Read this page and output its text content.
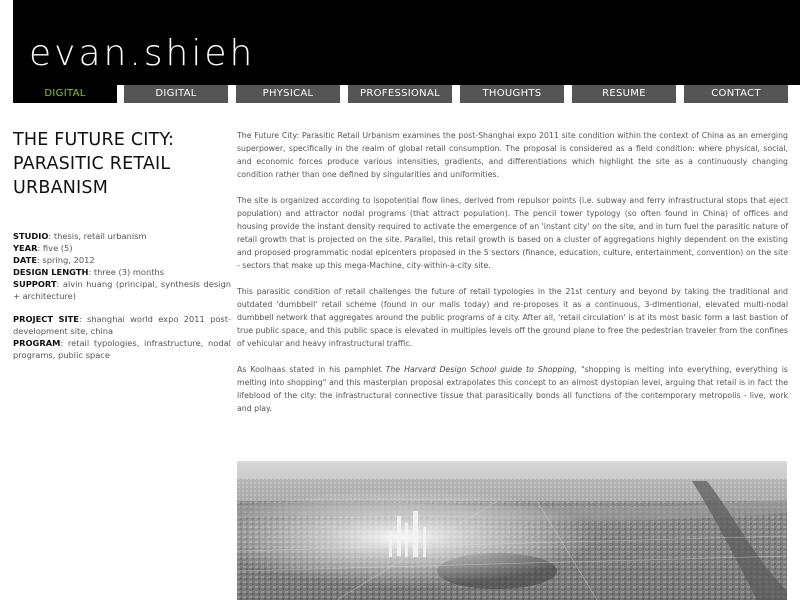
evan.shieh
DIGITAL	DIGITAL	PHYSICAL	PROFESSIONAL	THOUGHTS	RESUME	CONTACT
THE FUTURE CITY:
PARASITIC RETAIL
URBANISM

STUDIO: thesis, retail urbanism

YEAR: five (5)

DATE: spring, 2012

DESIGN LENGTH: three (3) months

SUPPORT: alvin huang (principal, synthesis design + architecture)

PROJECT SITE: shanghai world expo 2011 post-development site, china

PROGRAM: retail typologies, infrastructure, nodal programs, public space

The Future City: Parasitic Retail Urbanism examines the post-Shanghai expo 2011 site condition within the context of China as an emerging superpower, specifically in the realm of global retail consumption. The proposal is considered as a field condition: where physical, social, and economic forces produce various intensities, gradients, and differentiations which highlight the site as a continuously changing condition rather than one defined by singularities and uniformities.

The site is organized according to isopotential flow lines, derived from repulsor points (i.e. subway and ferry infrastructural stops that eject population) and attractor nodal programs (that attract population). The pencil tower typology (so often found in China) of offices and housing provide the instant density required to activate the emergence of an 'instant city' on the site, and in turn fuel the parasitic nature of retail growth that is projected on the site. Parallel, this retail growth is based on a cluster of aggregations highly dependent on the existing and proposed programmatic nodal epicenters proposed in the 5 sectors (finance, education, culture, entertainment, convention) on the site - sectors that make up this mega-Machine, city-within-a-city site.

This parasitic condition of retail challenges the future of retail typologies in the 21st century and beyond by taking the traditional and outdated 'dumbbell' retail scheme (found in our malls today) and re-proposes it as a continuous, 3-dimentional, elevated multi-nodal dumbbell network that aggregates around the public programs of a city. After all, 'retail circulation' is at its most basic form a last bastion of true public space, and this public space is elevated in multiples levels off the ground plane to free the pedestrian traveler from the confines of vehicular and heavy infrastructural traffic.

As Koolhaas stated in his pamphlet The Harvard Design School guide to Shopping, "shopping is melting into everything, everything is melting into shopping" and this masterplan proposal extrapolates this concept to an almost dystopian level, arguing that retail is in fact the lifeblood of the city: the infrastructural connective tissue that parasitically bonds all functions of the contemporary metropolis - live, work and play.
